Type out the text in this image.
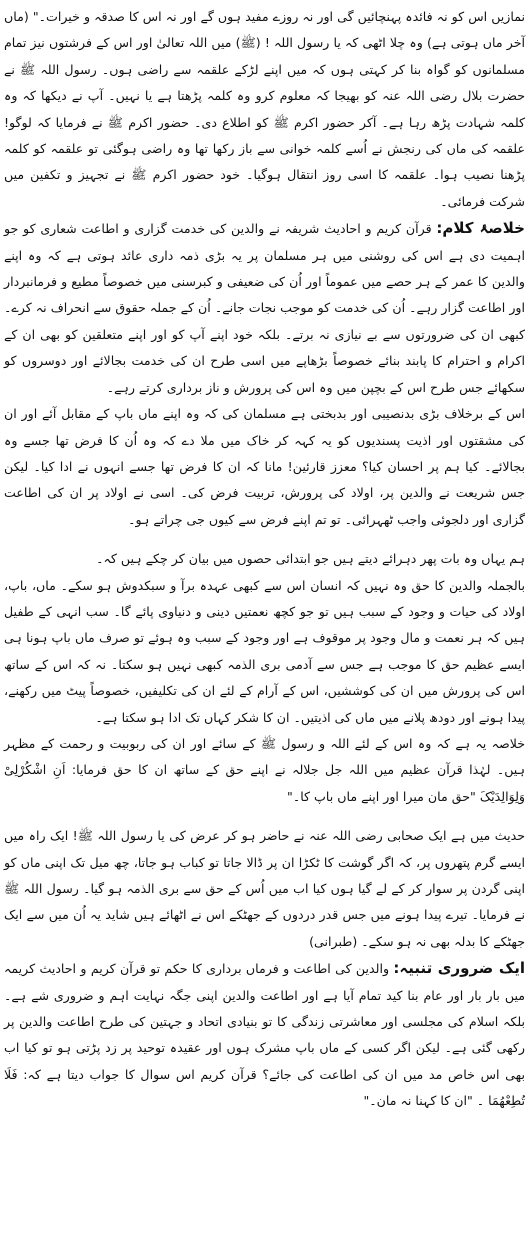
نمازیں اس کو نہ فائدہ پہنچائیں گی اور نہ روزے مفید ہوں گے اور نہ اس کا صدقہ و خیرات۔" (ماں آخر ماں ہوتی ہے) وہ چلا اٹھی کہ یا رسول اللہ ! (ﷺ) میں اللہ تعالیٰ اور اس کے فرشتوں نیز تمام مسلمانوں کو گواہ بنا کر کہتی ہوں کہ میں اپنے لڑکے علقمہ سے راضی ہوں۔ رسول اللہ ﷺ نے حضرت بلال رضی اللہ عنہ کو بھیجا کہ معلوم کرو وہ کلمہ پڑھتا ہے یا نہیں۔ آپ نے دیکھا کہ وہ کلمہ شہادت پڑھ رہا ہے۔ آکر حضور اکرم ﷺ کو اطلاع دی۔ حضور اکرم ﷺ نے فرمایا کہ لوگو! علقمہ کی ماں کی رنجش نے اُسے کلمہ خوانی سے باز رکھا تھا وہ راضی ہوگئی تو علقمہ کو کلمہ پڑھنا نصیب ہوا۔ علقمہ کا اسی روز انتقال ہوگیا۔ خود حضور اکرم ﷺ نے تجہیز و تکفین میں شرکت فرمائی۔

خلاصۂ کلام: قرآن کریم و احادیث شریفہ نے والدین کی خدمت گزاری و اطاعت شعاری کو جو اہمیت دی ہے اس کی روشنی میں ہر مسلمان پر یہ بڑی ذمہ داری عائد ہوتی ہے کہ وہ اپنے والدین کا عمر کے ہر حصے میں عموماً اور اُن کی ضعیفی و کبرسنی میں خصوصاً مطیع و فرمانبردار اور اطاعت گزار رہے۔ اُن کی خدمت کو موجب نجات جانے۔ اُن کے جملہ حقوق سے انحراف نہ کرے۔ کبھی ان کی ضرورتوں سے بے نیازی نہ برتے۔ بلکہ خود اپنے آپ کو اور اپنے متعلقین کو بھی ان کے اکرام و احترام کا پابند بنائے خصوصاً بڑھاپے میں اسی طرح ان کی خدمت بجالائے اور دوسروں کو سکھائے جس طرح اس کے بچپن میں وہ اس کی پرورش و ناز برداری کرتے رہے۔

اس کے برخلاف بڑی بدنصیبی اور بدبختی ہے مسلمان کی کہ وہ اپنے ماں باپ کے مقابل آئے اور ان کی مشقتوں اور اذیت پسندیوں کو یہ کہہ کر خاک میں ملا دے کہ وہ اُن کا فرض تھا جسے وہ بجالائے۔ کیا ہم پر احسان کیا؟ معزز قارئین! مانا کہ ان کا فرض تھا جسے انہوں نے ادا کیا۔ لیکن جس شریعت نے والدین پر، اولاد کی پرورش، تربیت فرض کی۔ اسی نے اولاد پر ان کی اطاعت گزاری اور دلجوئی واجب ٹھہرائی۔ تو تم اپنے فرض سے کیوں جی چراتے ہو۔

ہم یہاں وہ بات پھر دہرائے دیتے ہیں جو ابتدائی حصوں میں بیان کر چکے ہیں کہ۔

بالجملہ والدین کا حق وہ نہیں کہ انسان اس سے کبھی عہدہ برآ و سبکدوش ہو سکے۔ ماں، باپ، اولاد کی حیات و وجود کے سبب ہیں تو جو کچھ نعمتیں دینی و دنیاوی پائے گا۔ سب انہی کے طفیل ہیں کہ ہر نعمت و مال وجود پر موقوف ہے اور وجود کے سبب وہ ہوئے تو صرف ماں باپ ہونا ہی ایسے عظیم حق کا موجب ہے جس سے آدمی بری الذمہ کبھی نہیں ہو سکتا۔ نہ کہ اس کے ساتھ اس کی پرورش میں ان کی کوششیں، اس کے آرام کے لئے ان کی تکلیفیں، خصوصاً پیٹ میں رکھنے، پیدا ہونے اور دودھ پلانے میں ماں کی اذیتیں۔ ان کا شکر کہاں تک ادا ہو سکتا ہے۔

خلاصہ یہ ہے کہ وہ اس کے لئے اللہ و رسول ﷺ کے سائے اور ان کی ربوبیت و رحمت کے مظہر ہیں۔ لہٰذا قرآن عظیم میں اللہ جل جلالہ نے اپنے حق کے ساتھ ان کا حق فرمایا: اَنِ اشْکُرْلِیْ وَلِوَالِدَیْکَ "حق مان میرا اور اپنے ماں باپ کا۔"

حدیث میں ہے ایک صحابی رضی اللہ عنہ نے حاضر ہو کر عرض کی یا رسول اللہ ﷺ! ایک راہ میں ایسے گرم پتھروں پر، کہ اگر گوشت کا ٹکڑا ان پر ڈالا جاتا تو کباب ہو جاتا، چھ میل تک اپنی ماں کو اپنی گردن پر سوار کر کے لے گیا ہوں کیا اب میں اُس کے حق سے بری الذمہ ہو گیا۔ رسول اللہ ﷺ نے فرمایا۔ تیرے پیدا ہونے میں جس قدر دردوں کے جھٹکے اس نے اٹھائے ہیں شاید یہ اُن میں سے ایک جھٹکے کا بدلہ بھی نہ ہو سکے۔ (طبرانی)

ایک ضروری تنبیہ: والدین کی اطاعت و فرماں برداری کا حکم تو قرآن کریم و احادیث کریمہ میں بار بار اور عام بنا کید تمام آیا ہے اور اطاعت والدین اپنی جگہ نہایت اہم و ضروری شے ہے۔ بلکہ اسلام کی مجلسی اور معاشرتی زندگی کا تو بنیادی اتحاد و جہتین کی طرح اطاعت والدین پر رکھی گئی ہے۔ لیکن اگر کسی کے ماں باپ مشرک ہوں اور عقیدہ توحید پر زد پڑتی ہو تو کیا اب بھی اس خاص مد میں ان کی اطاعت کی جائے؟ قرآن کریم اس سوال کا جواب دیتا ہے کہ: فَلَا تُطِعْھُمَا ۔ "ان کا کہنا نہ مان۔"
